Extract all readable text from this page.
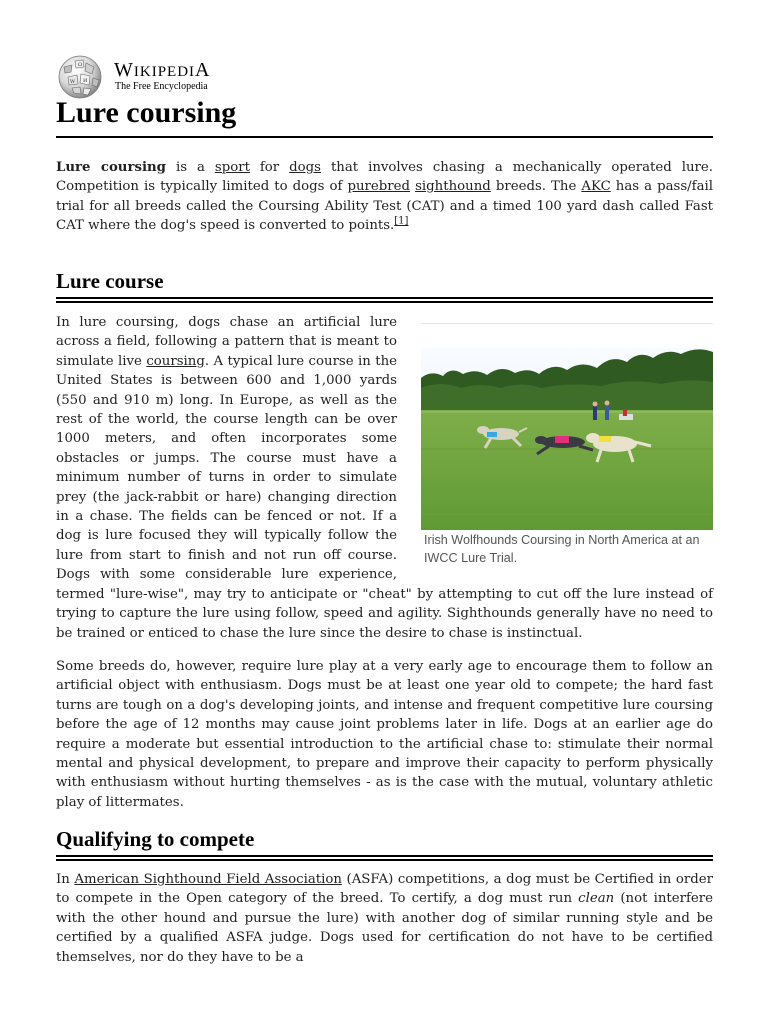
Ω
W И WIKIPEDIA
The Free Encyclopedia
Lure coursing

Lure coursing is a sport for dogs that involves chasing a mechanically operated lure. Competition is typically limited to dogs of purebred sighthound breeds. The AKC has a pass/fail trial for all breeds called the Coursing Ability Test (CAT) and a timed 100 yard dash called Fast CAT where the dog's speed is converted to points.[1]

Lure course
Irish Wolfhounds Coursing in North America at an IWCC Lure Trial.

In lure coursing, dogs chase an artificial lure across a field, following a pattern that is meant to simulate live coursing. A typical lure course in the United States is between 600 and 1,000 yards (550 and 910 m) long. In Europe, as well as the rest of the world, the course length can be over 1000 meters, and often incorporates some obstacles or jumps. The course must have a minimum number of turns in order to simulate prey (the jack-rabbit or hare) changing direction in a chase. The fields can be fenced or not. If a dog is lure focused they will typically follow the lure from start to finish and not run off course. Dogs with some considerable lure experience, termed "lure-wise", may try to anticipate or "cheat" by attempting to cut off the lure instead of trying to capture the lure using follow, speed and agility. Sighthounds generally have no need to be trained or enticed to chase the lure since the desire to chase is instinctual.

Some breeds do, however, require lure play at a very early age to encourage them to follow an artificial object with enthusiasm. Dogs must be at least one year old to compete; the hard fast turns are tough on a dog's developing joints, and intense and frequent competitive lure coursing before the age of 12 months may cause joint problems later in life. Dogs at an earlier age do require a moderate but essential introduction to the artificial chase to: stimulate their normal mental and physical development, to prepare and improve their capacity to perform physically with enthusiasm without hurting themselves - as is the case with the mutual, voluntary athletic play of littermates.

Qualifying to compete

In American Sighthound Field Association (ASFA) competitions, a dog must be Certified in order to compete in the Open category of the breed. To certify, a dog must run clean (not interfere with the other hound and pursue the lure) with another dog of similar running style and be certified by a qualified ASFA judge. Dogs used for certification do not have to be certified themselves, nor do they have to be a
